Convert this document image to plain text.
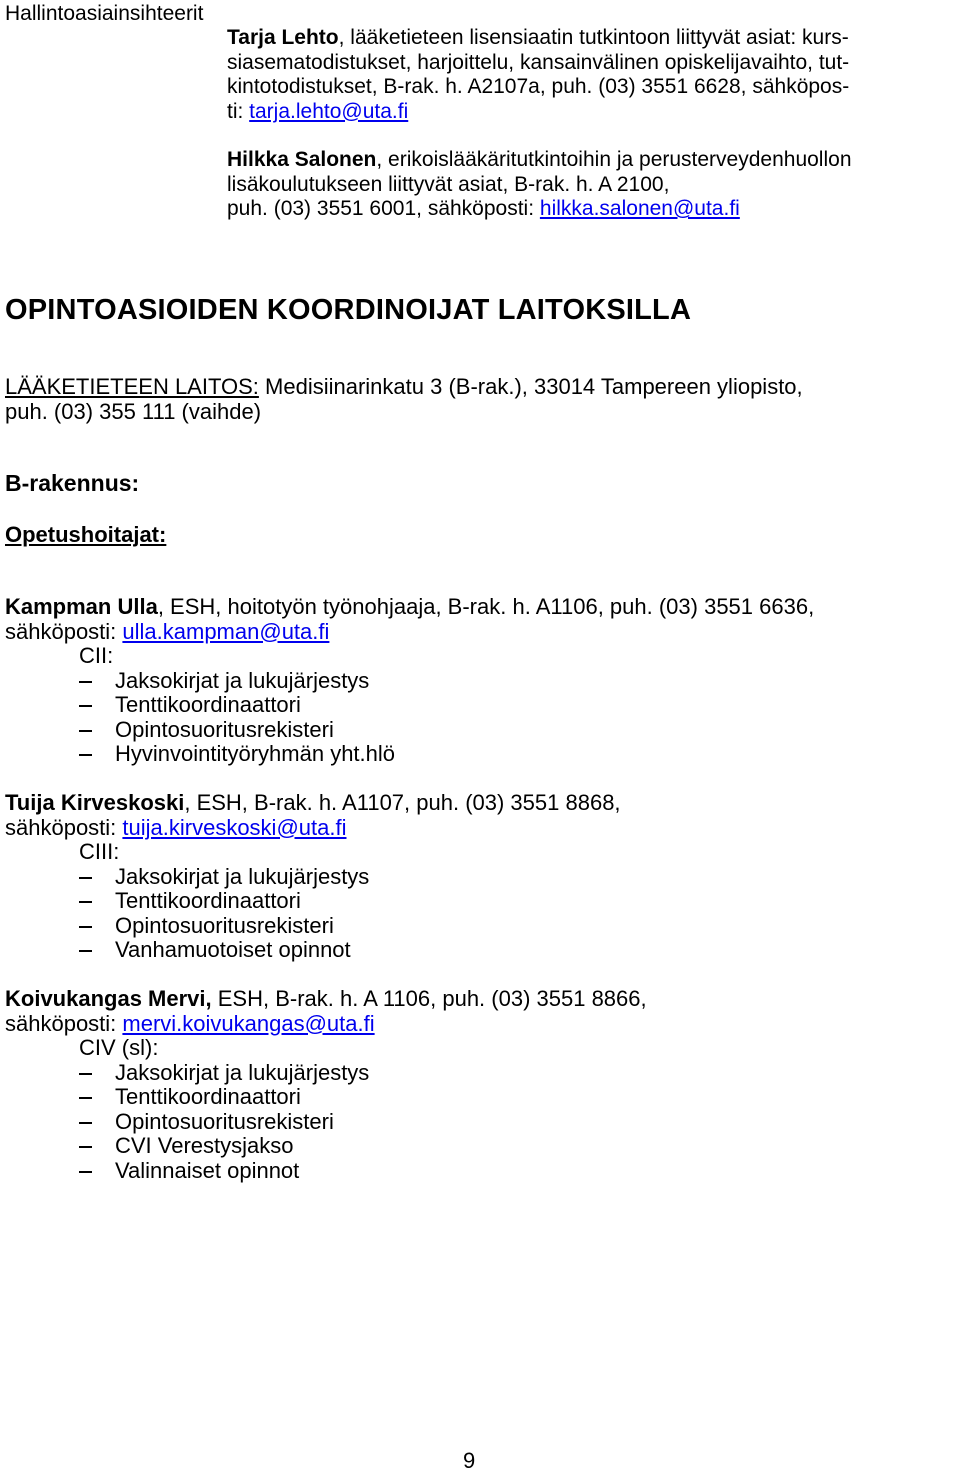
Hallintoasiainsihteerit
Tarja Lehto, lääketieteen lisensiaatin tutkintoon liittyvät asiat: kurs-
siasematodistukset, harjoittelu, kansainvälinen opiskelijavaihto, tut-
kintotodistukset, B-rak. h. A2107a, puh. (03) 3551 6628, sähköpos-
ti: tarja.lehto@uta.fi
Hilkka Salonen, erikoislääkäritutkintoihin ja perusterveydenhuollon
lisäkoulutukseen liittyvät asiat, B-rak. h. A 2100,
puh. (03) 3551 6001, sähköposti: hilkka.salonen@uta.fi
OPINTOASIOIDEN KOORDINOIJAT LAITOKSILLA
LÄÄKETIETEEN LAITOS: Medisiinarinkatu 3 (B-rak.), 33014 Tampereen yliopisto,
puh. (03) 355 111 (vaihde)
B-rakennus:
Opetushoitajat:
Kampman Ulla, ESH, hoitotyön työnohjaaja, B-rak. h. A1106, puh. (03) 3551 6636,
sähköposti: ulla.kampman@uta.fi
CII:
Jaksokirjat ja lukujärjestys
Tenttikoordinaattori
Opintosuoritusrekisteri
Hyvinvointityöryhmän yht.hlö
Tuija Kirveskoski, ESH, B-rak. h. A1107, puh. (03) 3551 8868,
sähköposti: tuija.kirveskoski@uta.fi
CIII:
Jaksokirjat ja lukujärjestys
Tenttikoordinaattori
Opintosuoritusrekisteri
Vanhamuotoiset opinnot
Koivukangas Mervi, ESH, B-rak. h. A 1106, puh. (03) 3551 8866,
sähköposti: mervi.koivukangas@uta.fi
CIV (sl):
Jaksokirjat ja lukujärjestys
Tenttikoordinaattori
Opintosuoritusrekisteri
CVI Verestysjakso
Valinnaiset opinnot
9
